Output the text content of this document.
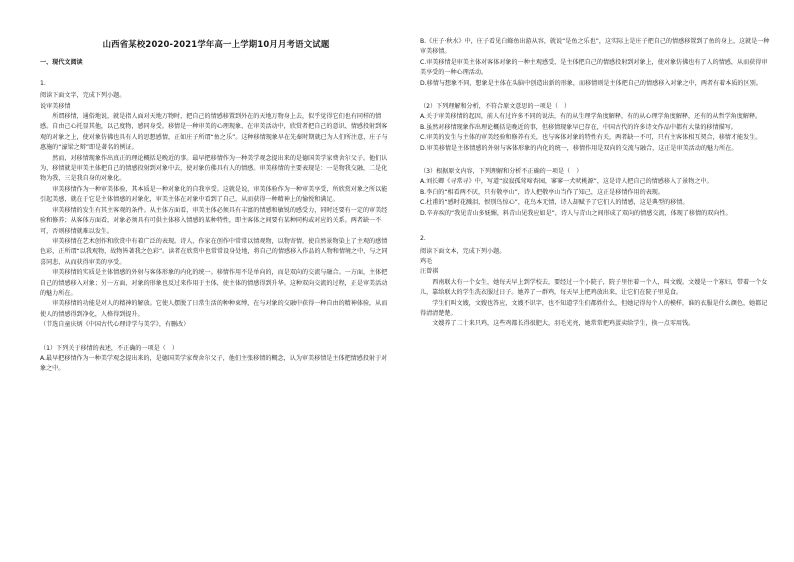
山西省某校2020-2021学年高一上学期10月月考语文试题
一、现代文阅读
1.
阅读下面文字，完成下列小题。
说审美移情
所谓移情，通俗地说，就是指人面对天地万物时，把自己的情感移置到外在的天地万物身上去，似乎觉得它们也有同样的情感。自由己心托显其他，以己度物，感同身受。移情是一种审美的心理现象，在审美活动中，欣赏者把自己的意识、情感投射到客观的对象之上，使对象仿佛也具有人的思想感情，正如庄子所谓“鱼之乐”。这种移情现象早在先秦时期就已为人们所注意，庄子与惠施的“濠梁之辩”即是著名的例证。
然而，对移情现象作出真正的理论概括是晚近的事。最早把移情作为一种美学观念提出来的是德国美学家费舍尔父子。他们认为，移情就是审美主体把自己的情感投射到对象中去，使对象仿佛具有人的情感。审美移情的主要表现是：一是物我交融，二是化物为我，三是我自身的对象化。
审美移情作为一种审美体验，其本质是一种对象化的自我享受。这就是说，审美体验作为一种审美享受，所欣赏对象之所以能引起美感，就在于它是主体情感的对象化，审美主体在对象中看到了自己，从而获得一种精神上的愉悦和满足。
审美移情的发生有其主客观的条件。从主体方面看，审美主体必须具有丰富的情感和敏锐的感受力，同时还要有一定的审美经验和修养；从客体方面看，对象必须具有可供主体移入情感的某种特性，即主客体之间要有某种同构或对应的关系。两者缺一不可，否则移情就难以发生。
审美移情在艺术创作和欣赏中有着广泛的表现。诗人、作家在创作中常常以情观物，以物寄情，使自然景物染上了主观的感情色彩，正所谓“以我观物，故物皆著我之色彩”。读者在欣赏中也常常设身处地，将自己的情感移入作品的人物和情境之中，与之同喜同悲，从而获得审美的享受。
审美移情的实质是主体情感的外射与客体形象的内化的统一。移情作用不是单向的，而是双向的交流与融合。一方面，主体把自己的情感移入对象；另一方面，对象的形象也反过来作用于主体，使主体的情感得到升华。这种双向交流的过程，正是审美活动的魅力所在。
审美移情的功能是对人的精神的解放。它使人摆脱了日常生活的种种束缚，在与对象的交融中获得一种自由的精神体验，从而使人的情感得到净化，人格得到提升。
（节选自童庆炳《中国古代心理诗学与美学》，有删改）
（1）下列关于移情的表述，不正确的一项是（　）
A.最早把移情作为一种美学观念提出来的，是德国美学家费舍尔父子，他们主张移情的概念，认为审美移情是主体把情感投射于对象之中。
B.《庄子·秋水》中，庄子看见白鲦鱼出游从容，就说“是鱼之乐也”，这实际上是庄子把自己的情感移置到了鱼的身上，这就是一种审美移情。
C.审美移情是审美主体对客体对象的一种主观感受，是主体把自己的情感投射到对象上，使对象仿佛也有了人的情感，从而获得审美享受的一种心理活动。
D.移情与想象不同，想象是主体在头脑中创造出新的形象，而移情则是主体把自己的情感移入对象之中，两者有着本质的区别。
（2）下列理解和分析，不符合原文意思的一项是（　）
A.关于审美移情的起因，前人有过许多不同的说法，有的从生理学角度解释，有的从心理学角度解释，还有的从哲学角度解释。
B.虽然对移情现象作出理论概括是晚近的事，但移情现象早已存在，中国古代的许多诗文作品中都有大量的移情描写。
C.审美的发生与主体的审美经验和修养有关，也与客体对象的特性有关，两者缺一不可，只有主客体相互契合，移情才能发生。
D.审美移情是主体情感的外射与客体形象的内化的统一，移情作用是双向的交流与融合，这正是审美活动的魅力所在。
（3）根据原文内容，下列理解和分析不正确的一项是（　）
A.刘长卿《寻常寻》中，写道“寂寂孤莺啼杏园，寥寥一犬吠桃源”，这是诗人把自己的情感移入了景物之中。
B.李白的“相看两不厌，只有敬亭山”，诗人把敬亭山当作了知己，这正是移情作用的表现。
C.杜甫的“感时花溅泪，恨别鸟惊心”，花鸟本无情，诗人却赋予了它们人的情感，这是典型的移情。
D.辛弃疾的“我见青山多妩媚，料青山见我应如是”，诗人与青山之间形成了双向的情感交流，体现了移情的双向性。
2.
阅读下面文本，完成下列小题。
鸡毛
汪曾祺
西南联大有一个女生，她每天早上到学校去，要经过一个小院子，院子里住着一个人，叫文嫂。文嫂是一个寡妇，带着一个女儿，靠给联大的学生洗衣服过日子。她养了一群鸡，每天早上把鸡放出来，让它们在院子里觅食。
学生们叫文嫂，文嫂也答应，文嫂不识字，也不知道学生们都姓什么，但她记得每个人的模样，谁的衣服是什么颜色，她都记得清清楚楚。
文嫂养了二十来只鸡，这些鸡都长得很肥大，羽毛光亮，她常常把鸡蛋卖给学生，换一点零用钱。
